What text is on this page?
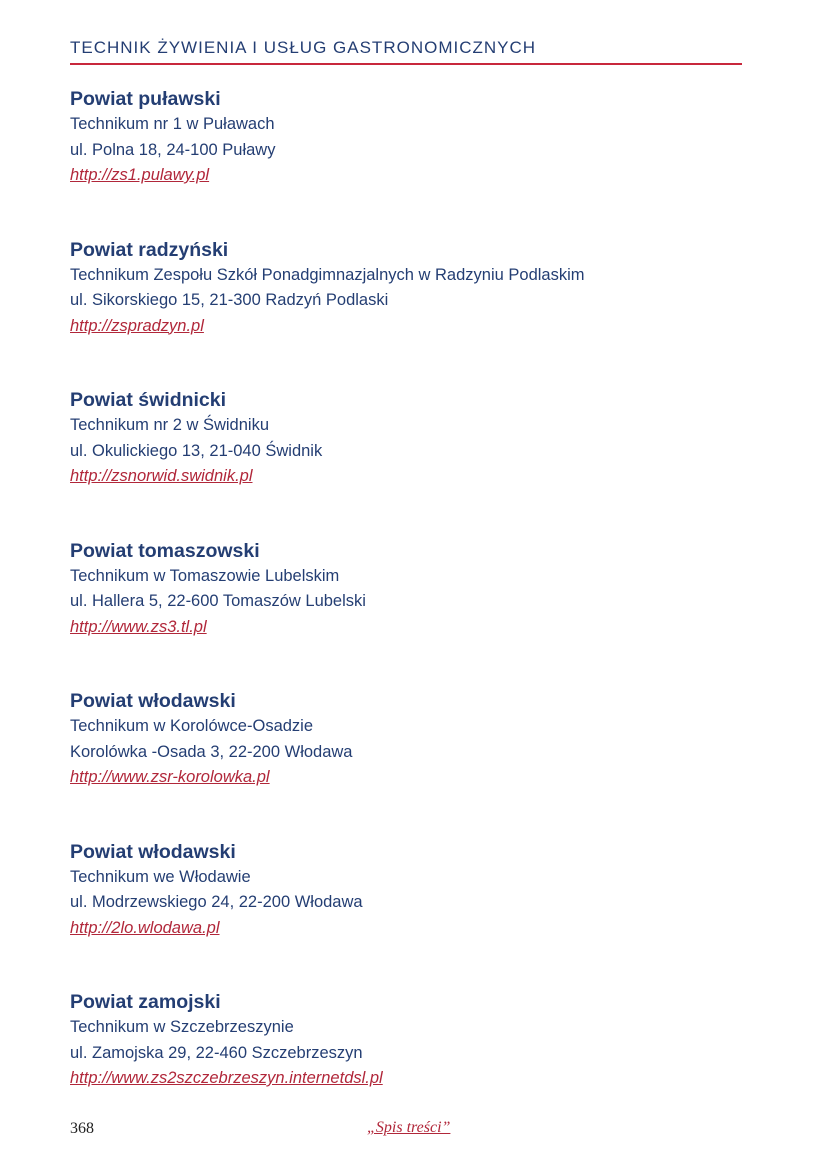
TECHNIK ŻYWIENIA I USŁUG GASTRONOMICZNYCH
Powiat puławski
Technikum nr 1 w Puławach
ul. Polna 18, 24-100 Puławy
http://zs1.pulawy.pl
Powiat radzyński
Technikum Zespołu Szkół Ponadgimnazjalnych w Radzyniu Podlaskim
ul. Sikorskiego 15, 21-300 Radzyń Podlaski
http://zspradzyn.pl
Powiat świdnicki
Technikum nr 2 w Świdniku
ul. Okulickiego 13, 21-040 Świdnik
http://zsnorwid.swidnik.pl
Powiat tomaszowski
Technikum w Tomaszowie Lubelskim
ul. Hallera 5, 22-600 Tomaszów Lubelski
http://www.zs3.tl.pl
Powiat włodawski
Technikum w Korolówce-Osadzie
Korolówka -Osada 3, 22-200 Włodawa
http://www.zsr-korolowka.pl
Powiat włodawski
Technikum we Włodawie
ul. Modrzewskiego 24, 22-200 Włodawa
http://2lo.wlodawa.pl
Powiat zamojski
Technikum w Szczebrzeszynie
ul. Zamojska 29, 22-460 Szczebrzeszyn
http://www.zs2szczebrzeszyn.internetdsl.pl
368	„Spis treści”
